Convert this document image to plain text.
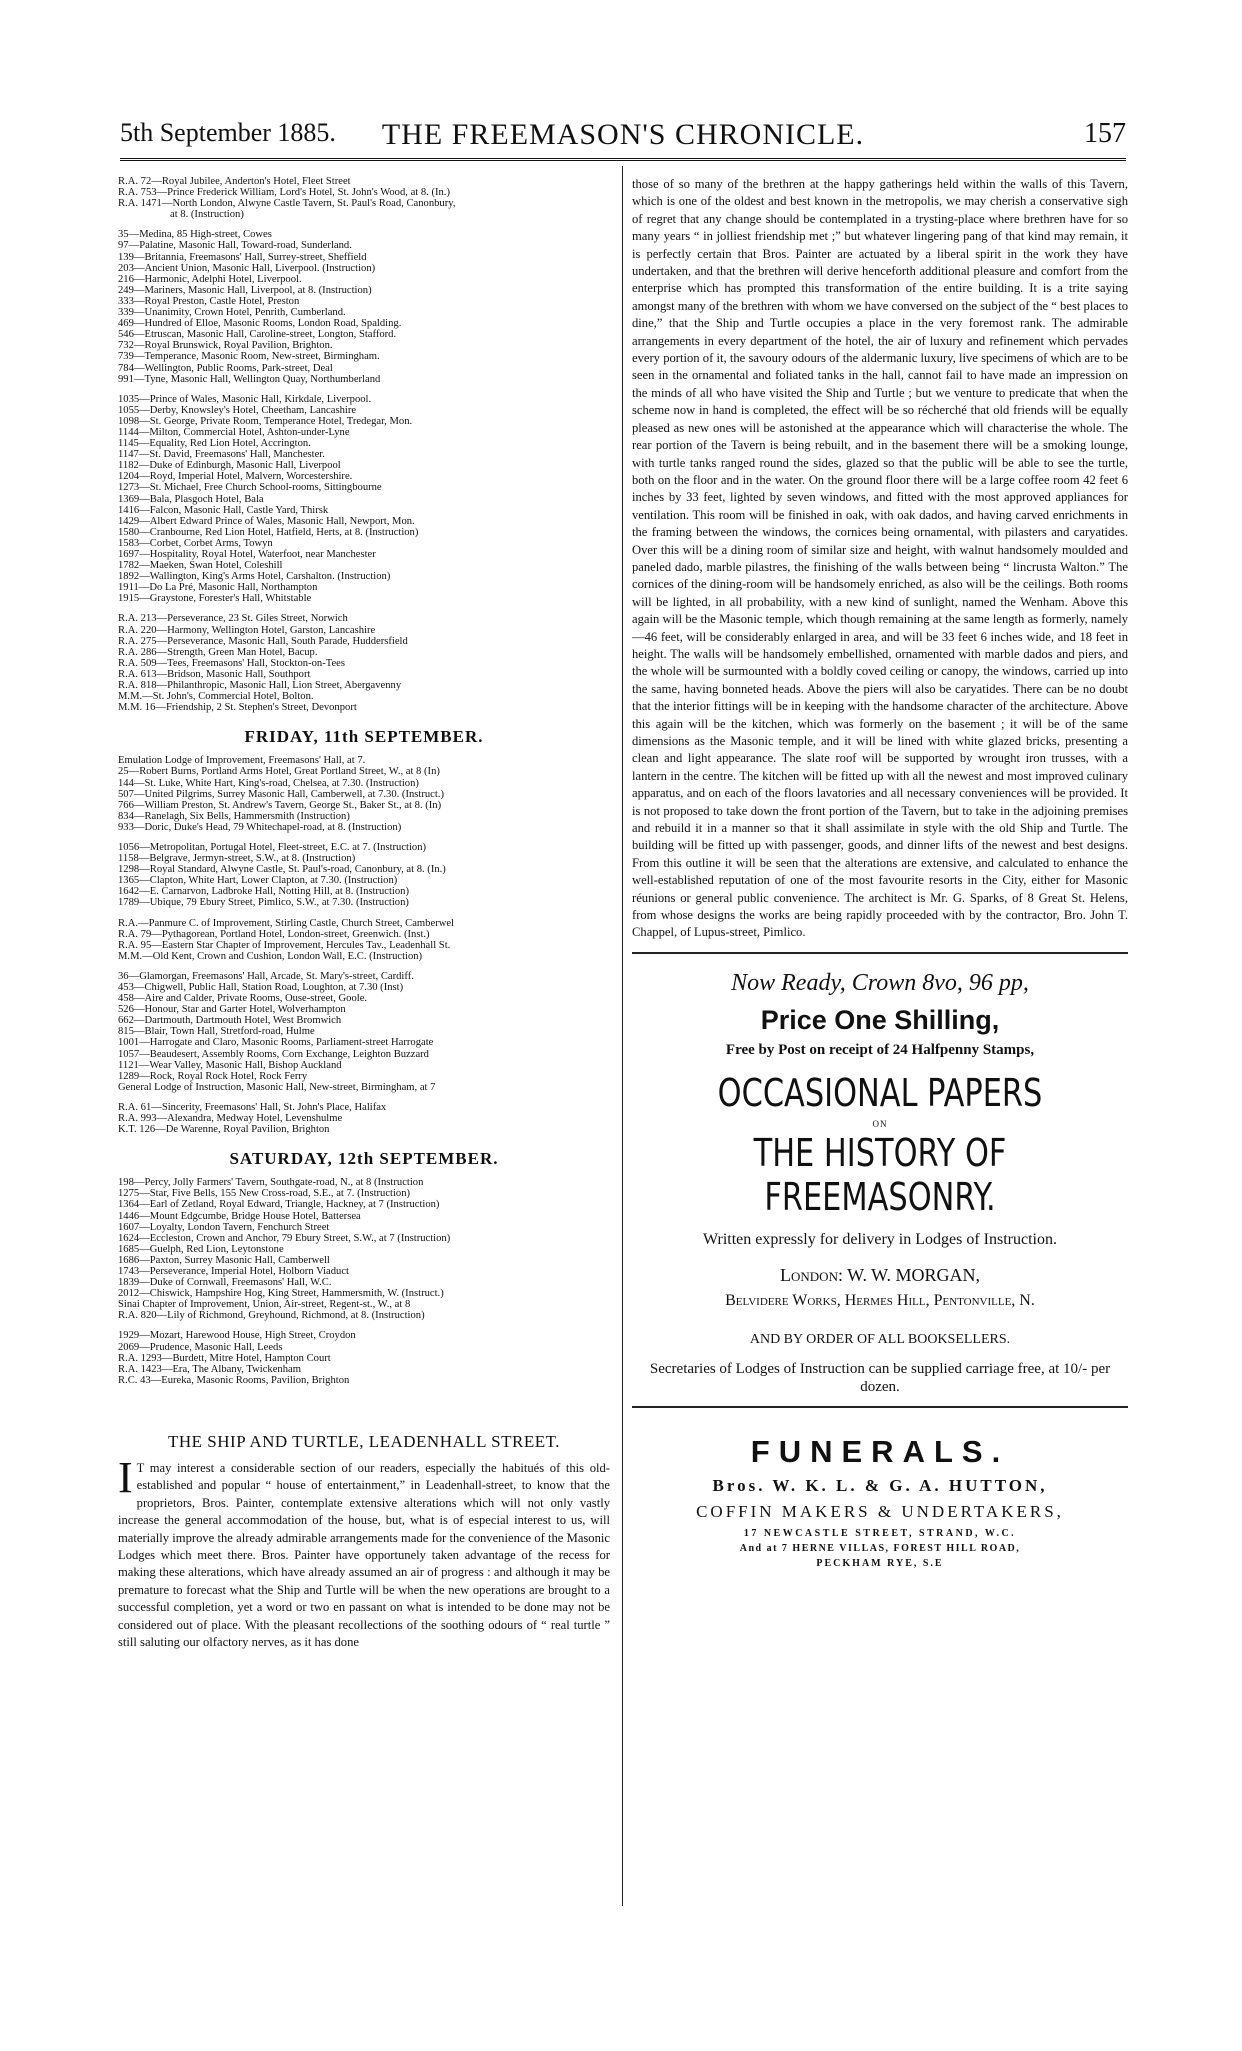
5th September 1885.	THE FREEMASON'S CHRONICLE.	157
R.A. 72—Royal Jubilee, Anderton's Hotel, Fleet Street
R.A. 753—Prince Frederick William, Lord's Hotel, St. John's Wood, at 8. (In.)
R.A. 1471—North London, Alwyne Castle Tavern, St. Paul's Road, Canonbury,
at 8. (Instruction)
35—Medina, 85 High-street, Cowes
97—Palatine, Masonic Hall, Toward-road, Sunderland.
139—Britannia, Freemasons' Hall, Surrey-street, Sheffield
203—Ancient Union, Masonic Hall, Liverpool. (Instruction)
216—Harmonic, Adelphi Hotel, Liverpool.
249—Mariners, Masonic Hall, Liverpool, at 8. (Instruction)
333—Royal Preston, Castle Hotel, Preston
339—Unanimity, Crown Hotel, Penrith, Cumberland.
469—Hundred of Elloe, Masonic Rooms, London Road, Spalding.
546—Etruscan, Masonic Hall, Caroline-street, Longton, Stafford.
732—Royal Brunswick, Royal Pavilion, Brighton.
739—Temperance, Masonic Room, New-street, Birmingham.
784—Wellington, Public Rooms, Park-street, Deal
991—Tyne, Masonic Hall, Wellington Quay, Northumberland
1035—Prince of Wales, Masonic Hall, Kirkdale, Liverpool.
1055—Derby, Knowsley's Hotel, Cheetham, Lancashire
1098—St. George, Private Room, Temperance Hotel, Tredegar, Mon.
1144—Milton, Commercial Hotel, Ashton-under-Lyne
1145—Equality, Red Lion Hotel, Accrington.
1147—St. David, Freemasons' Hall, Manchester.
1182—Duke of Edinburgh, Masonic Hall, Liverpool
1204—Royd, Imperial Hotel, Malvern, Worcestershire.
1273—St. Michael, Free Church School-rooms, Sittingbourne
1369—Bala, Plasgoch Hotel, Bala
1416—Falcon, Masonic Hall, Castle Yard, Thirsk
1429—Albert Edward Prince of Wales, Masonic Hall, Newport, Mon.
1580—Cranbourne, Red Lion Hotel, Hatfield, Herts, at 8. (Instruction)
1583—Corbet, Corbet Arms, Towyn
1697—Hospitality, Royal Hotel, Waterfoot, near Manchester
1782—Maeken, Swan Hotel, Coleshill
1892—Wallington, King's Arms Hotel, Carshalton. (Instruction)
1911—Do La Pré, Masonic Hall, Northampton
1915—Graystone, Forester's Hall, Whitstable
R.A. 213—Perseverance, 23 St. Giles Street, Norwich
R.A. 220—Harmony, Wellington Hotel, Garston, Lancashire
R.A. 275—Perseverance, Masonic Hall, South Parade, Huddersfield
R.A. 286—Strength, Green Man Hotel, Bacup.
R.A. 509—Tees, Freemasons' Hall, Stockton-on-Tees
R.A. 613—Bridson, Masonic Hall, Southport
R.A. 818—Philanthropic, Masonic Hall, Lion Street, Abergavenny
M.M.—St. John's, Commercial Hotel, Bolton.
M.M. 16—Friendship, 2 St. Stephen's Street, Devonport
FRIDAY, 11th SEPTEMBER.
Emulation Lodge of Improvement, Freemasons' Hall, at 7.
25—Robert Burns, Portland Arms Hotel, Great Portland Street, W., at 8 (In)
144—St. Luke, White Hart, King's-road, Chelsea, at 7.30. (Instruction)
507—United Pilgrims, Surrey Masonic Hall, Camberwell, at 7.30. (Instruct.)
766—William Preston, St. Andrew's Tavern, George St., Baker St., at 8. (In)
834—Ranelagh, Six Bells, Hammersmith (Instruction)
933—Doric, Duke's Head, 79 Whitechapel-road, at 8. (Instruction)
1056—Metropolitan, Portugal Hotel, Fleet-street, E.C. at 7. (Instruction)
1158—Belgrave, Jermyn-street, S.W., at 8. (Instruction)
1298—Royal Standard, Alwyne Castle, St. Paul's-road, Canonbury, at 8. (In.)
1365—Clapton, White Hart, Lower Clapton, at 7.30. (Instruction)
1642—E. Carnarvon, Ladbroke Hall, Notting Hill, at 8. (Instruction)
1789—Ubique, 79 Ebury Street, Pimlico, S.W., at 7.30. (Instruction)
R.A.—Panmure C. of Improvement, Stirling Castle, Church Street, Camberwel
R.A. 79—Pythagorean, Portland Hotel, London-street, Greenwich. (Inst.)
R.A. 95—Eastern Star Chapter of Improvement, Hercules Tav., Leadenhall St.
M.M.—Old Kent, Crown and Cushion, London Wall, E.C. (Instruction)
36—Glamorgan, Freemasons' Hall, Arcade, St. Mary's-street, Cardiff.
453—Chigwell, Public Hall, Station Road, Loughton, at 7.30 (Inst)
458—Aire and Calder, Private Rooms, Ouse-street, Goole.
526—Honour, Star and Garter Hotel, Wolverhampton
662—Dartmouth, Dartmouth Hotel, West Bromwich
815—Blair, Town Hall, Stretford-road, Hulme
1001—Harrogate and Claro, Masonic Rooms, Parliament-street Harrogate
1057—Beaudesert, Assembly Rooms, Corn Exchange, Leighton Buzzard
1121—Wear Valley, Masonic Hall, Bishop Auckland
1289—Rock, Royal Rock Hotel, Rock Ferry
General Lodge of Instruction, Masonic Hall, New-street, Birmingham, at 7
R.A. 61—Sincerity, Freemasons' Hall, St. John's Place, Halifax
R.A. 993—Alexandra, Medway Hotel, Levenshulme
K.T. 126—De Warenne, Royal Pavilion, Brighton
SATURDAY, 12th SEPTEMBER.
198—Percy, Jolly Farmers' Tavern, Southgate-road, N., at 8 (Instruction
1275—Star, Five Bells, 155 New Cross-road, S.E., at 7. (Instruction)
1364—Earl of Zetland, Royal Edward, Triangle, Hackney, at 7 (Instruction)
1446—Mount Edgcumbe, Bridge House Hotel, Battersea
1607—Loyalty, London Tavern, Fenchurch Street
1624—Eccleston, Crown and Anchor, 79 Ebury Street, S.W., at 7 (Instruction)
1685—Guelph, Red Lion, Leytonstone
1686—Paxton, Surrey Masonic Hall, Camberwell
1743—Perseverance, Imperial Hotel, Holborn Viaduct
1839—Duke of Cornwall, Freemasons' Hall, W.C.
2012—Chiswick, Hampshire Hog, King Street, Hammersmith, W. (Instruct.)
Sinai Chapter of Improvement, Union, Air-street, Regent-st., W., at 8
R.A. 820—Lily of Richmond, Greyhound, Richmond, at 8. (Instruction)
1929—Mozart, Harewood House, High Street, Croydon
2069—Prudence, Masonic Hall, Leeds
R.A. 1293—Burdett, Mitre Hotel, Hampton Court
R.A. 1423—Era, The Albany, Twickenham
R.C. 43—Eureka, Masonic Rooms, Pavilion, Brighton
THE SHIP AND TURTLE, LEADENHALL STREET.
I T may interest a considerable section of our readers, especially the habitués of this old-established and popular “ house of entertainment,” in Leadenhall-street, to know that the proprietors, Bros. Painter, contemplate extensive alterations which will not only vastly increase the general accommodation of the house, but, what is of especial interest to us, will materially improve the already admirable arrangements made for the convenience of the Masonic Lodges which meet there. Bros. Painter have opportunely taken advantage of the recess for making these alterations, which have already assumed an air of progress : and although it may be premature to forecast what the Ship and Turtle will be when the new operations are brought to a successful completion, yet a word or two en passant on what is intended to be done may not be considered out of place. With the pleasant recollections of the soothing odours of “ real turtle ” still saluting our olfactory nerves, as it has done
those of so many of the brethren at the happy gatherings held within the walls of this Tavern, which is one of the oldest and best known in the metropolis, we may cherish a conservative sigh of regret that any change should be contemplated in a trysting-place where brethren have for so many years “ in jolliest friendship met ;” but whatever lingering pang of that kind may remain, it is perfectly certain that Bros. Painter are actuated by a liberal spirit in the work they have undertaken, and that the brethren will derive henceforth additional pleasure and comfort from the enterprise which has prompted this transformation of the entire building. It is a trite saying amongst many of the brethren with whom we have conversed on the subject of the “ best places to dine,” that the Ship and Turtle occupies a place in the very foremost rank. The admirable arrangements in every department of the hotel, the air of luxury and refinement which pervades every portion of it, the savoury odours of the aldermanic luxury, live specimens of which are to be seen in the ornamental and foliated tanks in the hall, cannot fail to have made an impression on the minds of all who have visited the Ship and Turtle ; but we venture to predicate that when the scheme now in hand is completed, the effect will be so récherché that old friends will be equally pleased as new ones will be astonished at the appearance which will characterise the whole. The rear portion of the Tavern is being rebuilt, and in the basement there will be a smoking lounge, with turtle tanks ranged round the sides, glazed so that the public will be able to see the turtle, both on the floor and in the water. On the ground floor there will be a large coffee room 42 feet 6 inches by 33 feet, lighted by seven windows, and fitted with the most approved appliances for ventilation. This room will be finished in oak, with oak dados, and having carved enrichments in the framing between the windows, the cornices being ornamental, with pilasters and caryatides. Over this will be a dining room of similar size and height, with walnut handsomely moulded and paneled dado, marble pilastres, the finishing of the walls between being “ lincrusta Walton.” The cornices of the dining-room will be handsomely enriched, as also will be the ceilings. Both rooms will be lighted, in all probability, with a new kind of sunlight, named the Wenham. Above this again will be the Masonic temple, which though remaining at the same length as formerly, namely—46 feet, will be considerably enlarged in area, and will be 33 feet 6 inches wide, and 18 feet in height. The walls will be handsomely embellished, ornamented with marble dados and piers, and the whole will be surmounted with a boldly coved ceiling or canopy, the windows, carried up into the same, having bonneted heads. Above the piers will also be caryatides. There can be no doubt that the interior fittings will be in keeping with the handsome character of the architecture. Above this again will be the kitchen, which was formerly on the basement ; it will be of the same dimensions as the Masonic temple, and it will be lined with white glazed bricks, presenting a clean and light appearance. The slate roof will be supported by wrought iron trusses, with a lantern in the centre. The kitchen will be fitted up with all the newest and most improved culinary apparatus, and on each of the floors lavatories and all necessary conveniences will be provided. It is not proposed to take down the front portion of the Tavern, but to take in the adjoining premises and rebuild it in a manner so that it shall assimilate in style with the old Ship and Turtle. The building will be fitted up with passenger, goods, and dinner lifts of the newest and best designs. From this outline it will be seen that the alterations are extensive, and calculated to enhance the well-established reputation of one of the most favourite resorts in the City, either for Masonic réunions or general public convenience. The architect is Mr. G. Sparks, of 8 Great St. Helens, from whose designs the works are being rapidly proceeded with by the contractor, Bro. John T. Chappel, of Lupus-street, Pimlico.
Now Ready, Crown 8vo, 96 pp,
Price One Shilling,
Free by Post on receipt of 24 Halfpenny Stamps,
OCCASIONAL PAPERS
ON
THE HISTORY OF FREEMASONRY.
Written expressly for delivery in Lodges of Instruction.
London: W. W. MORGAN,
Belvidere Works, Hermes Hill, Pentonville, N.
AND BY ORDER OF ALL BOOKSELLERS.
Secretaries of Lodges of Instruction can be supplied carriage free, at 10/- per dozen.
FUNERALS.
Bros. W. K. L. & G. A. HUTTON,
COFFIN MAKERS & UNDERTAKERS,
17 NEWCASTLE STREET, STRAND, W.C.
And at 7 HERNE VILLAS, FOREST HILL ROAD,
PECKHAM RYE, S.E
